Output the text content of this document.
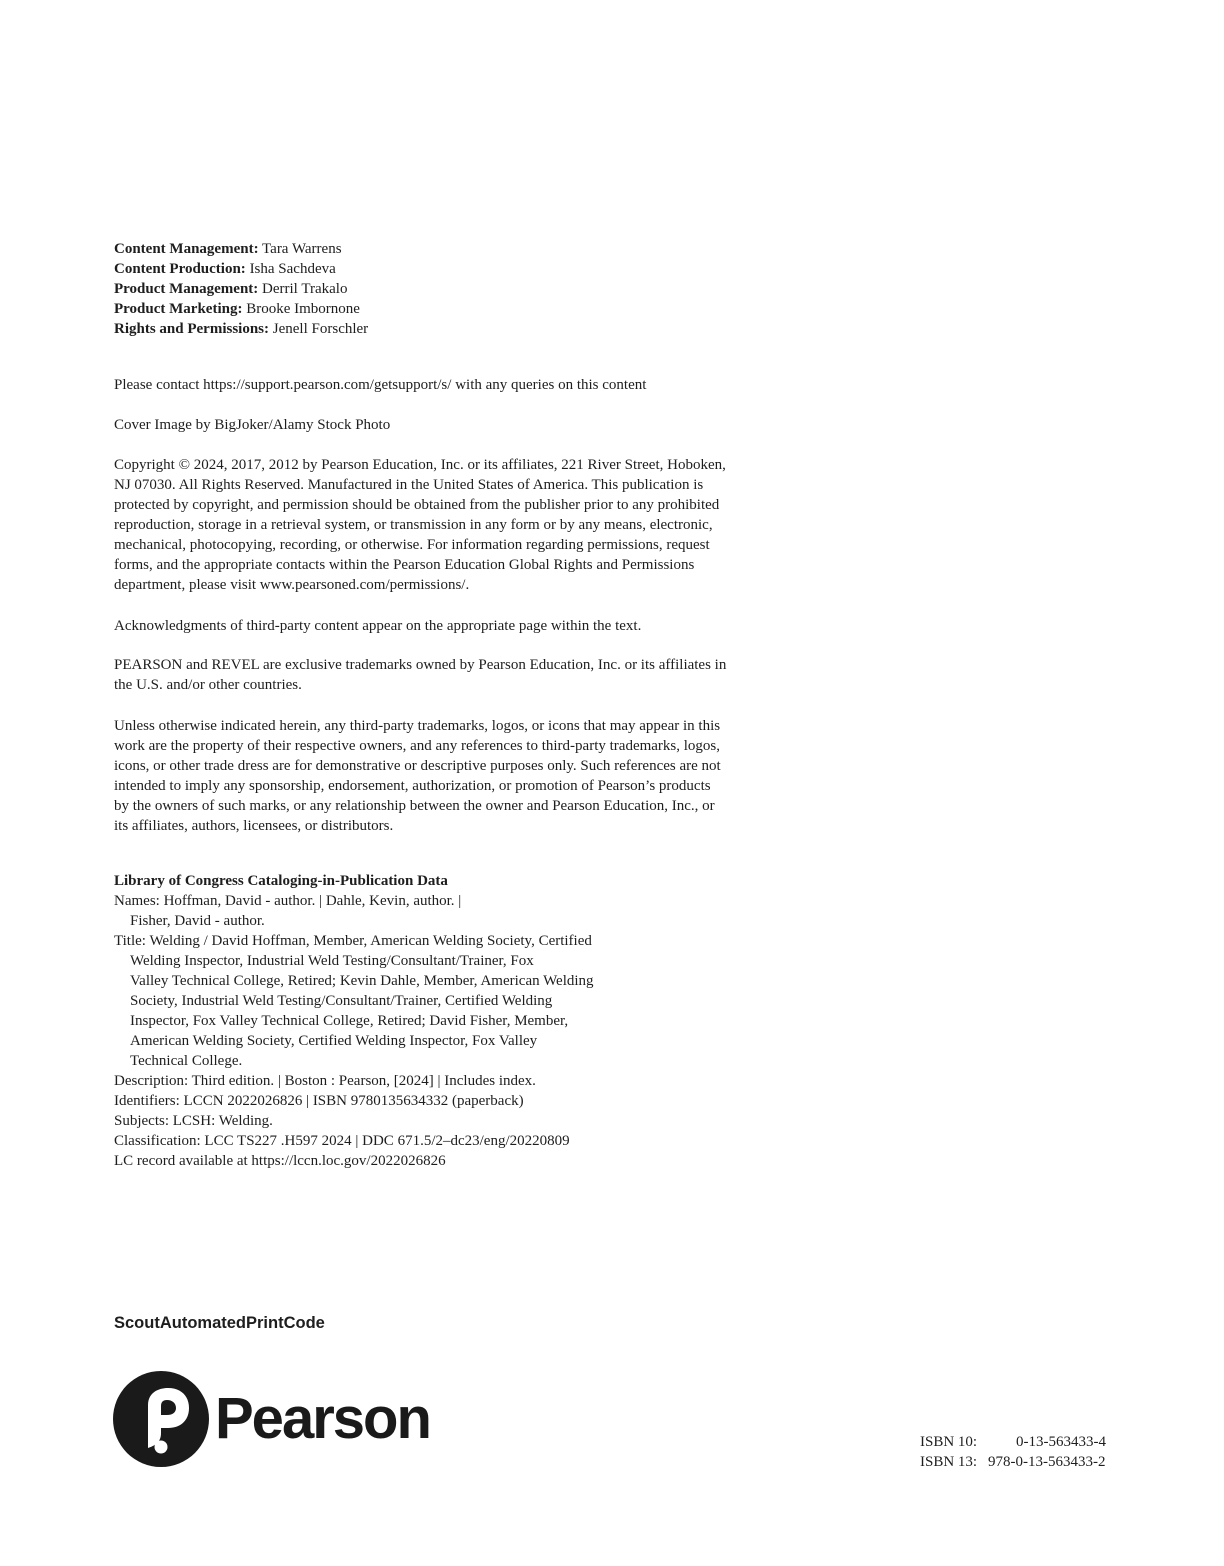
Content Management: Tara Warrens
Content Production: Isha Sachdeva
Product Management: Derril Trakalo
Product Marketing: Brooke Imbornone
Rights and Permissions: Jenell Forschler
Please contact https://support.pearson.com/getsupport/s/ with any queries on this content
Cover Image by BigJoker/Alamy Stock Photo
Copyright © 2024, 2017, 2012 by Pearson Education, Inc. or its affiliates, 221 River Street, Hoboken,
NJ 07030. All Rights Reserved. Manufactured in the United States of America. This publication is
protected by copyright, and permission should be obtained from the publisher prior to any prohibited
reproduction, storage in a retrieval system, or transmission in any form or by any means, electronic,
mechanical, photocopying, recording, or otherwise. For information regarding permissions, request
forms, and the appropriate contacts within the Pearson Education Global Rights and Permissions
department, please visit www.pearsoned.com/permissions/.
Acknowledgments of third-party content appear on the appropriate page within the text.
PEARSON and REVEL are exclusive trademarks owned by Pearson Education, Inc. or its affiliates in
the U.S. and/or other countries.
Unless otherwise indicated herein, any third-party trademarks, logos, or icons that may appear in this
work are the property of their respective owners, and any references to third-party trademarks, logos,
icons, or other trade dress are for demonstrative or descriptive purposes only. Such references are not
intended to imply any sponsorship, endorsement, authorization, or promotion of Pearson’s products
by the owners of such marks, or any relationship between the owner and Pearson Education, Inc., or
its affiliates, authors, licensees, or distributors.
Library of Congress Cataloging-in-Publication Data
Names: Hoffman, David - author. | Dahle, Kevin, author. |
Fisher, David - author.
Title: Welding / David Hoffman, Member, American Welding Society, Certified
Welding Inspector, Industrial Weld Testing/Consultant/Trainer, Fox
Valley Technical College, Retired; Kevin Dahle, Member, American Welding
Society, Industrial Weld Testing/Consultant/Trainer, Certified Welding
Inspector, Fox Valley Technical College, Retired; David Fisher, Member,
American Welding Society, Certified Welding Inspector, Fox Valley
Technical College.
Description: Third edition. | Boston : Pearson, [2024] | Includes index.
Identifiers: LCCN 2022026826 | ISBN 9780135634332 (paperback)
Subjects: LCSH: Welding.
Classification: LCC TS227 .H597 2024 | DDC 671.5/2–dc23/eng/20220809
LC record available at https://lccn.loc.gov/2022026826
ScoutAutomatedPrintCode
Pearson	ISBN 10:	0-13-563433-4
ISBN 13: 978-0-13-563433-2
